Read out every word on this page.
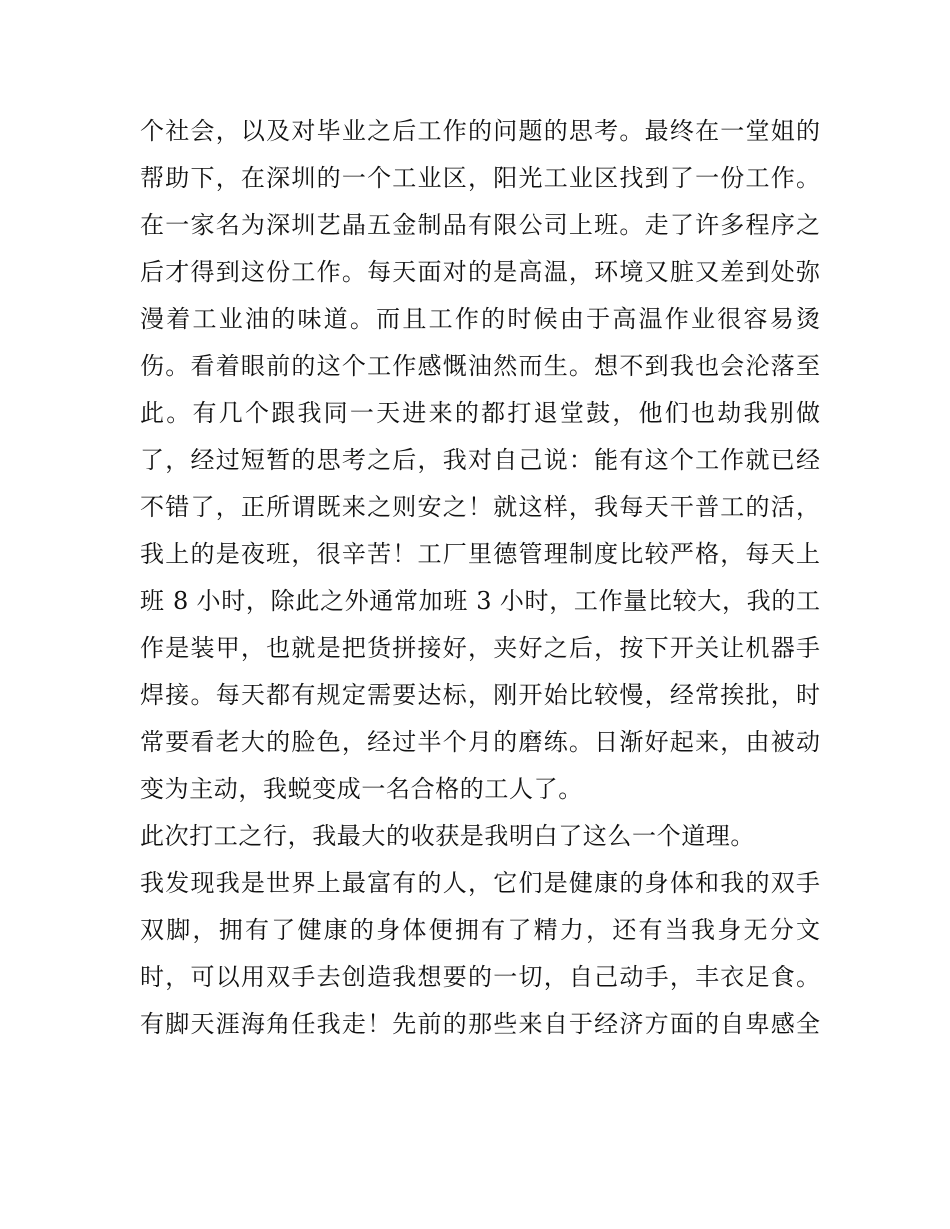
个社会，以及对毕业之后工作的问题的思考。最终在一堂姐的
帮助下，在深圳的一个工业区，阳光工业区找到了一份工作。
在一家名为深圳艺晶五金制品有限公司上班。走了许多程序之
后才得到这份工作。每天面对的是高温，环境又脏又差到处弥
漫着工业油的味道。而且工作的时候由于高温作业很容易烫
伤。看着眼前的这个工作感慨油然而生。想不到我也会沦落至
此。有几个跟我同一天进来的都打退堂鼓，他们也劫我别做
了，经过短暂的思考之后，我对自己说：能有这个工作就已经
不错了，正所谓既来之则安之！就这样，我每天干普工的活，
我上的是夜班，很辛苦！工厂里德管理制度比较严格，每天上
班 8 小时，除此之外通常加班 3 小时，工作量比较大，我的工
作是装甲，也就是把货拼接好，夹好之后，按下开关让机器手
焊接。每天都有规定需要达标，刚开始比较慢，经常挨批，时
常要看老大的脸色，经过半个月的磨练。日渐好起来，由被动
变为主动，我蜕变成一名合格的工人了。
此次打工之行，我最大的收获是我明白了这么一个道理。
我发现我是世界上最富有的人，它们是健康的身体和我的双手
双脚，拥有了健康的身体便拥有了精力，还有当我身无分文
时，可以用双手去创造我想要的一切，自己动手，丰衣足食。
有脚天涯海角任我走！先前的那些来自于经济方面的自卑感全
